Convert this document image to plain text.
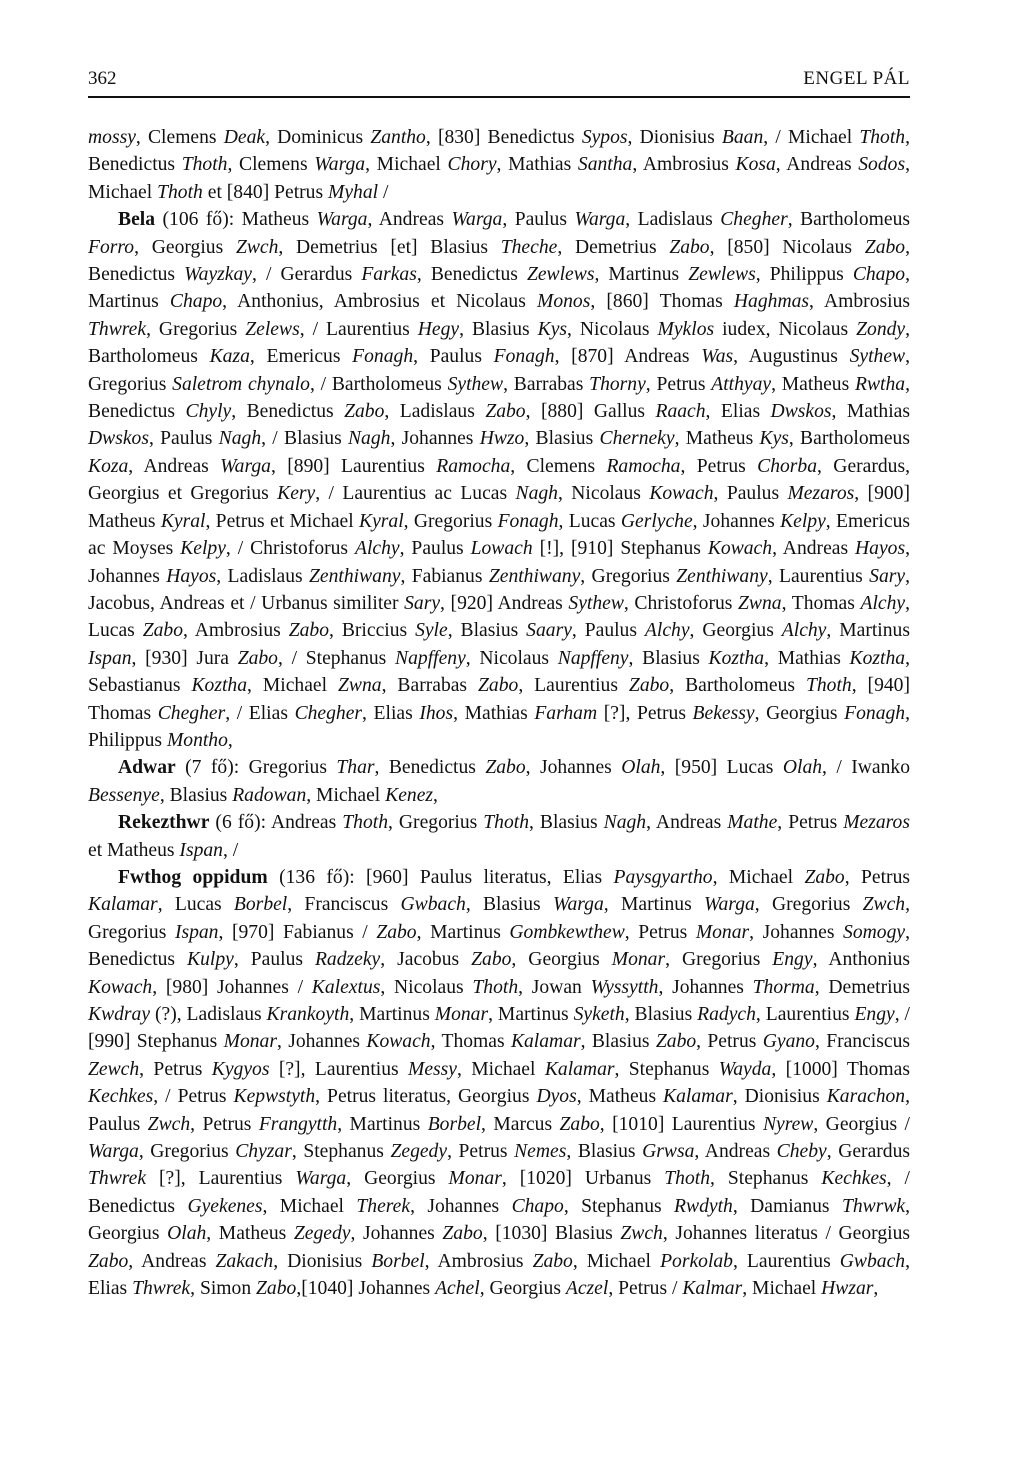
362	ENGEL PÁL

mossy, Clemens Deak, Dominicus Zantho, [830] Benedictus Sypos, Dionisius Baan, / Michael Thoth, Benedictus Thoth, Clemens Warga, Michael Chory, Mathias Santha, Ambrosius Kosa, Andreas Sodos, Michael Thoth et [840] Petrus Myhal /

Bela (106 fő): Matheus Warga, Andreas Warga, Paulus Warga, Ladislaus Chegher, Bartholomeus Forro, Georgius Zwch, Demetrius [et] Blasius Theche, Demetrius Zabo, [850] Nicolaus Zabo, Benedictus Wayzkay, / Gerardus Farkas, Benedictus Zewlews, Martinus Zewlews, Philippus Chapo, Martinus Chapo, Anthonius, Ambrosius et Nicolaus Monos, [860] Thomas Haghmas, Ambrosius Thwrek, Gregorius Zelews, / Laurentius Hegy, Blasius Kys, Nicolaus Myklos iudex, Nicolaus Zondy, Bartholomeus Kaza, Emericus Fonagh, Paulus Fonagh, [870] Andreas Was, Augustinus Sythew, Gregorius Saletrom chynalo, / Bartholomeus Sythew, Barrabas Thorny, Petrus Atthyay, Matheus Rwtha, Benedictus Chyly, Benedictus Zabo, Ladislaus Zabo, [880] Gallus Raach, Elias Dwskos, Mathias Dwskos, Paulus Nagh, / Blasius Nagh, Johannes Hwzo, Blasius Cherneky, Matheus Kys, Bartholomeus Koza, Andreas Warga, [890] Laurentius Ramocha, Clemens Ramocha, Petrus Chorba, Gerardus, Georgius et Gregorius Kery, / Laurentius ac Lucas Nagh, Nicolaus Kowach, Paulus Mezaros, [900] Matheus Kyral, Petrus et Michael Kyral, Gregorius Fonagh, Lucas Gerlyche, Johannes Kelpy, Emericus ac Moyses Kelpy, / Christoforus Alchy, Paulus Lowach [!], [910] Stephanus Kowach, Andreas Hayos, Johannes Hayos, Ladislaus Zenthiwany, Fabianus Zenthiwany, Gregorius Zenthiwany, Laurentius Sary, Jacobus, Andreas et / Urbanus similiter Sary, [920] Andreas Sythew, Christoforus Zwna, Thomas Alchy, Lucas Zabo, Ambrosius Zabo, Briccius Syle, Blasius Saary, Paulus Alchy, Georgius Alchy, Martinus Ispan, [930] Jura Zabo, / Stephanus Napffeny, Nicolaus Napffeny, Blasius Koztha, Mathias Koztha, Sebastianus Koztha, Michael Zwna, Barrabas Zabo, Laurentius Zabo, Bartholomeus Thoth, [940] Thomas Chegher, / Elias Chegher, Elias Ihos, Mathias Farham [?], Petrus Bekessy, Georgius Fonagh, Philippus Montho,

Adwar (7 fő): Gregorius Thar, Benedictus Zabo, Johannes Olah, [950] Lucas Olah, / Iwanko Bessenye, Blasius Radowan, Michael Kenez,

Rekezthwr (6 fő): Andreas Thoth, Gregorius Thoth, Blasius Nagh, Andreas Mathe, Petrus Mezaros et Matheus Ispan, /

Fwthog oppidum (136 fő): [960] Paulus literatus, Elias Paysgyartho, Michael Zabo, Petrus Kalamar, Lucas Borbel, Franciscus Gwbach, Blasius Warga, Martinus Warga, Gregorius Zwch, Gregorius Ispan, [970] Fabianus / Zabo, Martinus Gombkewthew, Petrus Monar, Johannes Somogy, Benedictus Kulpy, Paulus Radzeky, Jacobus Zabo, Georgius Monar, Gregorius Engy, Anthonius Kowach, [980] Johannes / Kalextus, Nicolaus Thoth, Jowan Wyssytth, Johannes Thorma, Demetrius Kwdray (?), Ladislaus Krankoyth, Martinus Monar, Martinus Syketh, Blasius Radych, Laurentius Engy, / [990] Stephanus Monar, Johannes Kowach, Thomas Kalamar, Blasius Zabo, Petrus Gyano, Franciscus Zewch, Petrus Kygyos [?], Laurentius Messy, Michael Kalamar, Stephanus Wayda, [1000] Thomas Kechkes, / Petrus Kepwstyth, Petrus literatus, Georgius Dyos, Matheus Kalamar, Dionisius Karachon, Paulus Zwch, Petrus Frangytth, Martinus Borbel, Marcus Zabo, [1010] Laurentius Nyrew, Georgius / Warga, Gregorius Chyzar, Stephanus Zegedy, Petrus Nemes, Blasius Grwsa, Andreas Cheby, Gerardus Thwrek [?], Laurentius Warga, Georgius Monar, [1020] Urbanus Thoth, Stephanus Kechkes, / Benedictus Gyekenes, Michael Therek, Johannes Chapo, Stephanus Rwdyth, Damianus Thwrwk, Georgius Olah, Matheus Zegedy, Johannes Zabo, [1030] Blasius Zwch, Johannes literatus / Georgius Zabo, Andreas Zakach, Dionisius Borbel, Ambrosius Zabo, Michael Porkolab, Laurentius Gwbach, Elias Thwrek, Simon Zabo,[1040] Johannes Achel, Georgius Aczel, Petrus / Kalmar, Michael Hwzar,
